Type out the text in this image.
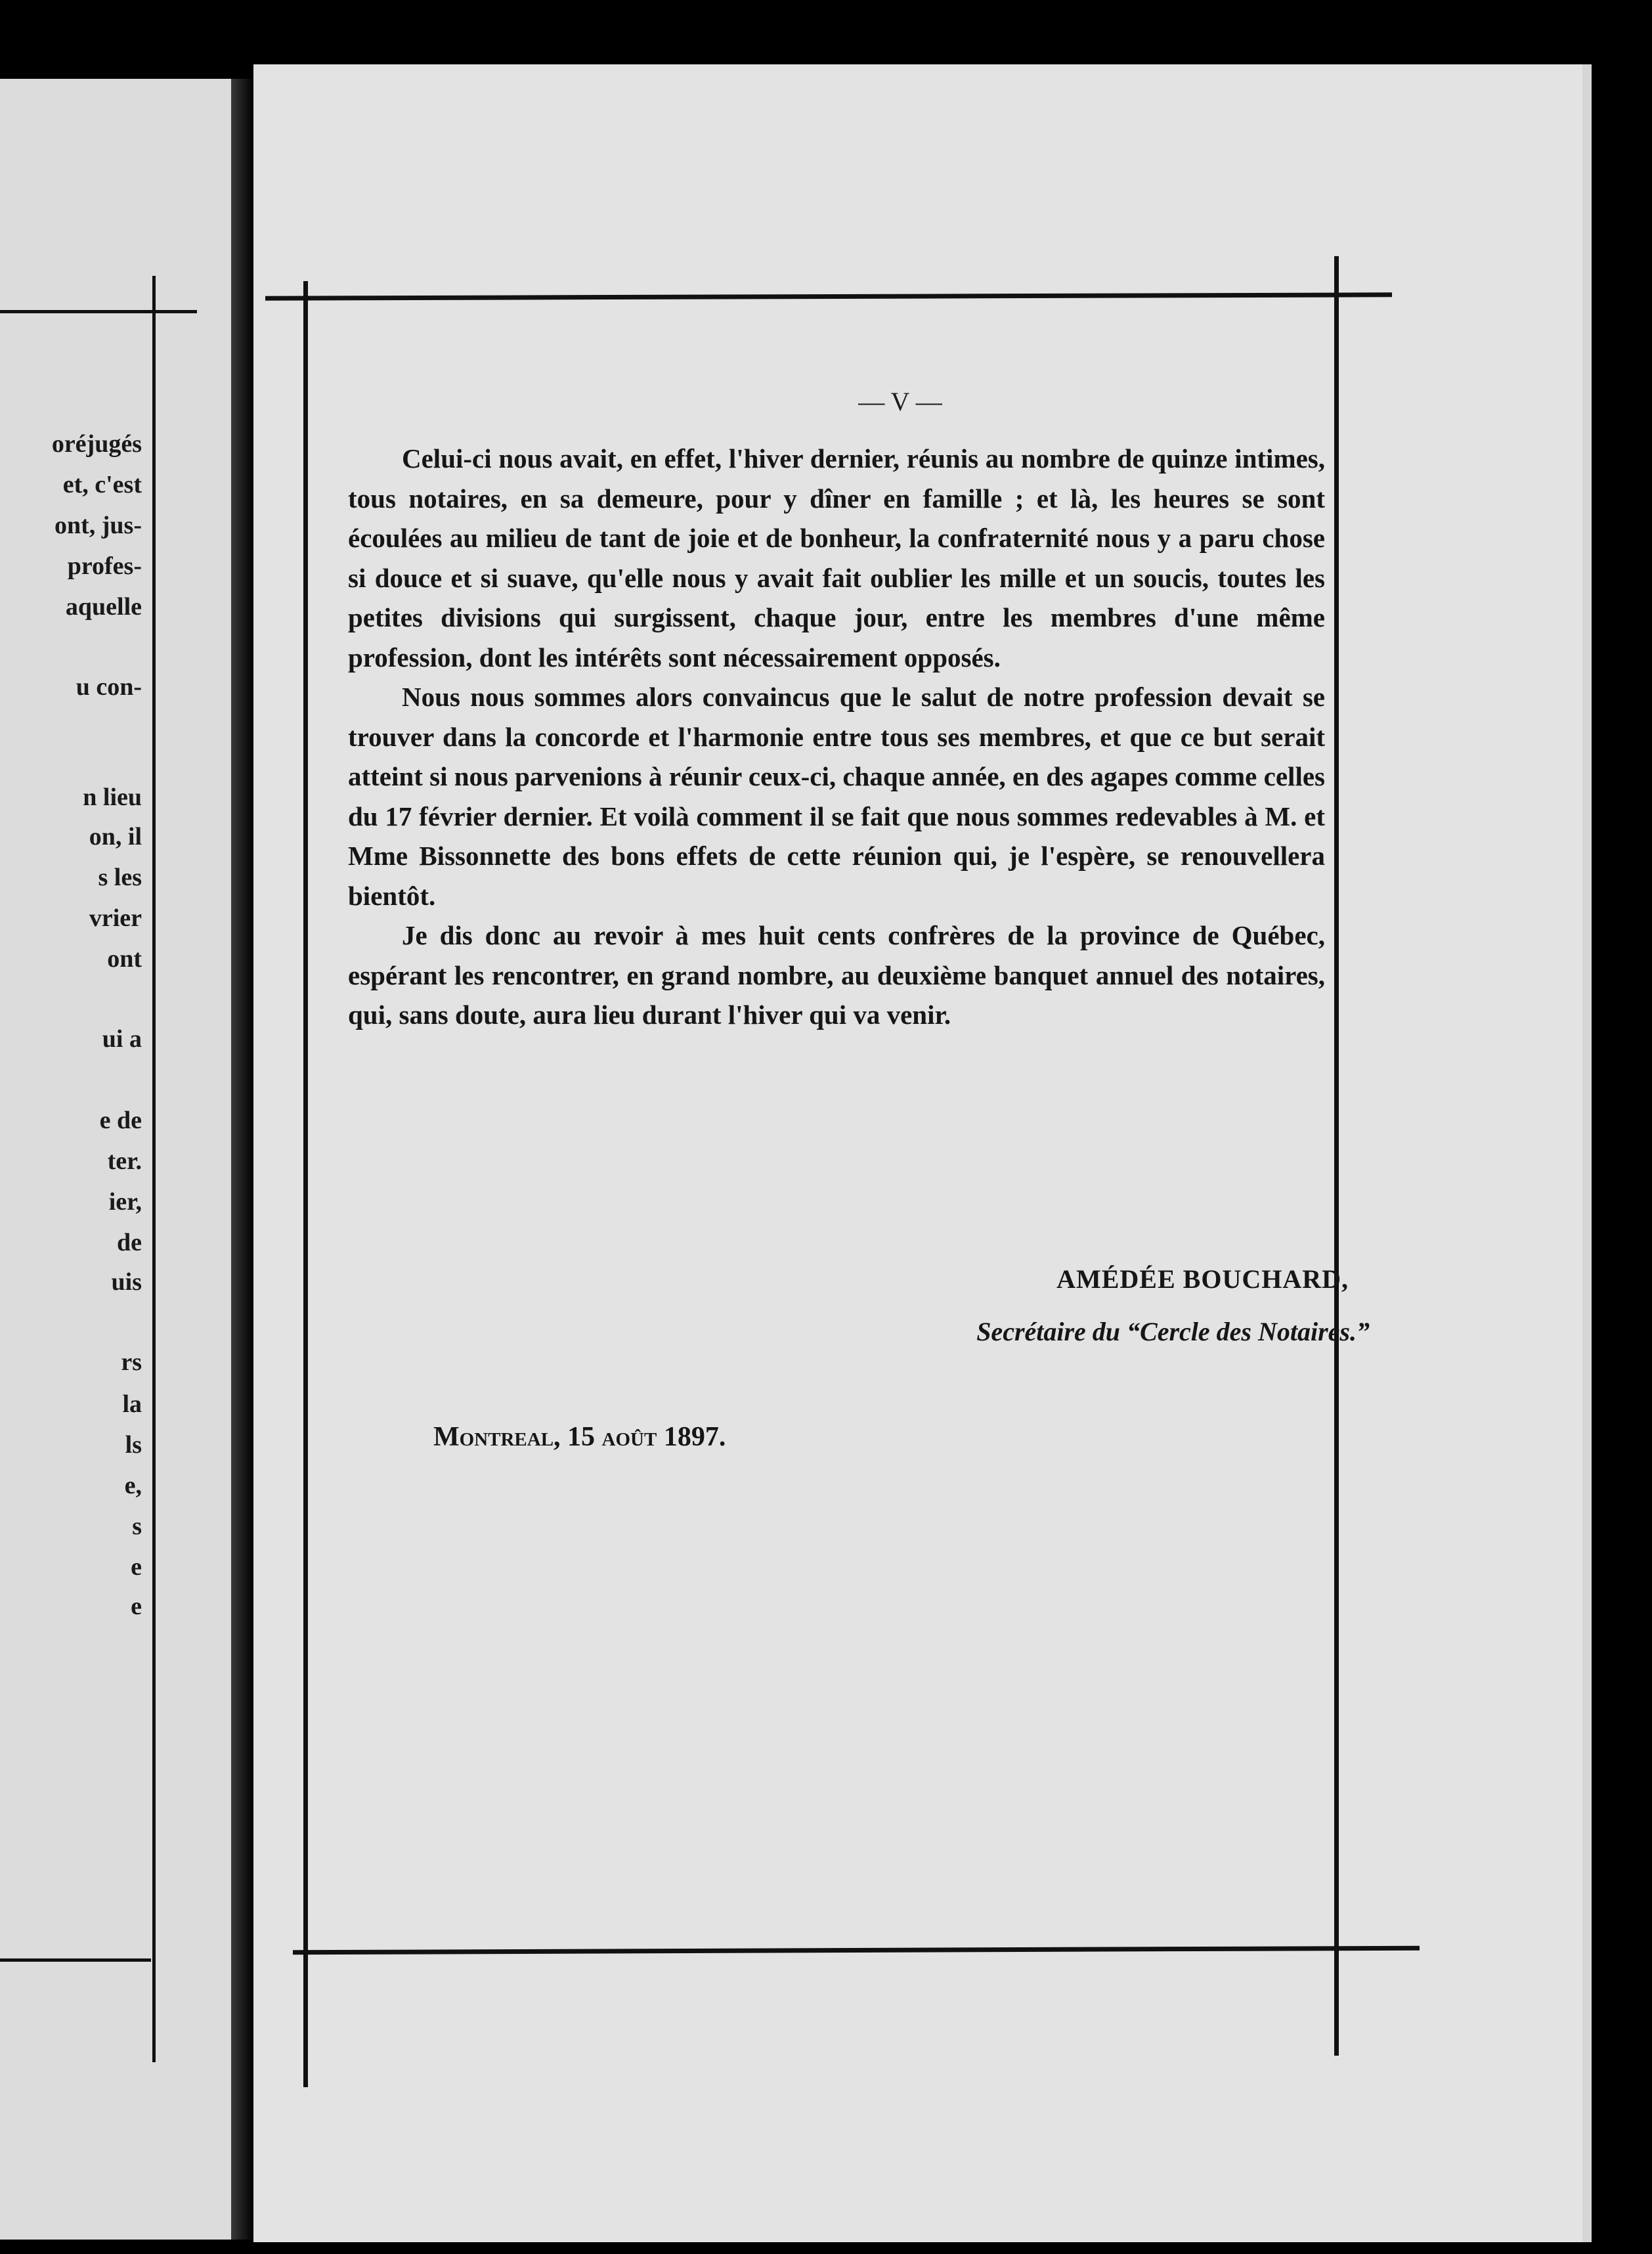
oréjugés
et, c'est
ont, jus-
profes-
aquelle
u con-
n lieu
on, il
s les
vrier
ont
ui a
e de
ter.
ier,
de
uis
rs
la
ls
e,
s
e
e
— V —

Celui-ci nous avait, en effet, l'hiver dernier, réunis au nombre de quinze intimes, tous notaires, en sa demeure, pour y dîner en famille ; et là, les heures se sont écoulées au milieu de tant de joie et de bonheur, la confraternité nous y a paru chose si douce et si suave, qu'elle nous y avait fait oublier les mille et un soucis, toutes les petites divisions qui surgissent, chaque jour, entre les membres d'une même profession, dont les intérêts sont nécessairement opposés.

Nous nous sommes alors convaincus que le salut de notre profession devait se trouver dans la concorde et l'harmonie entre tous ses membres, et que ce but serait atteint si nous parvenions à réunir ceux-ci, chaque année, en des agapes comme celles du 17 février dernier. Et voilà comment il se fait que nous sommes redevables à M. et Mme Bissonnette des bons effets de cette réunion qui, je l'espère, se renouvellera bientôt.

Je dis donc au revoir à mes huit cents confrères de la province de Québec, espérant les rencontrer, en grand nombre, au deuxième banquet annuel des notaires, qui, sans doute, aura lieu durant l'hiver qui va venir.

AMÉDÉE BOUCHARD,
Secrétaire du “Cercle des Notaires.”
Montreal, 15 août 1897.
